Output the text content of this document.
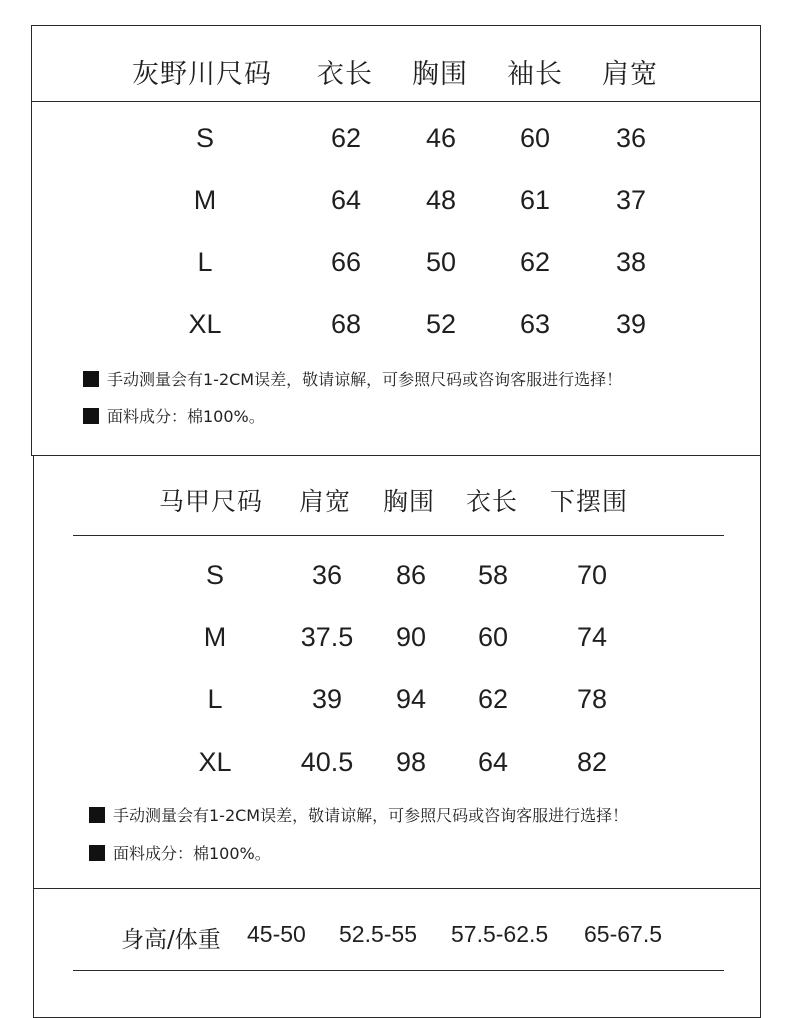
灰野川尺码 衣长 胸围 袖长 肩宽
S	62 46 60 36
M	64 48 61 37
L	66 50 62 38
XL	68 52 63 39
手动测量会有1-2CM误差，敬请谅解，可参照尺码或咨询客服进行选择！
面料成分：棉100%。
马甲尺码 肩宽 胸围 衣长 下摆围
S	36 86 58	70
M	37.5 90 60	74
L	39 94 62	78
XL	40.5 98 64	82
手动测量会有1-2CM误差，敬请谅解，可参照尺码或咨询客服进行选择！
面料成分：棉100%。
身高/体重 45-50 52.5-55 57.5-62.5 65-67.5
